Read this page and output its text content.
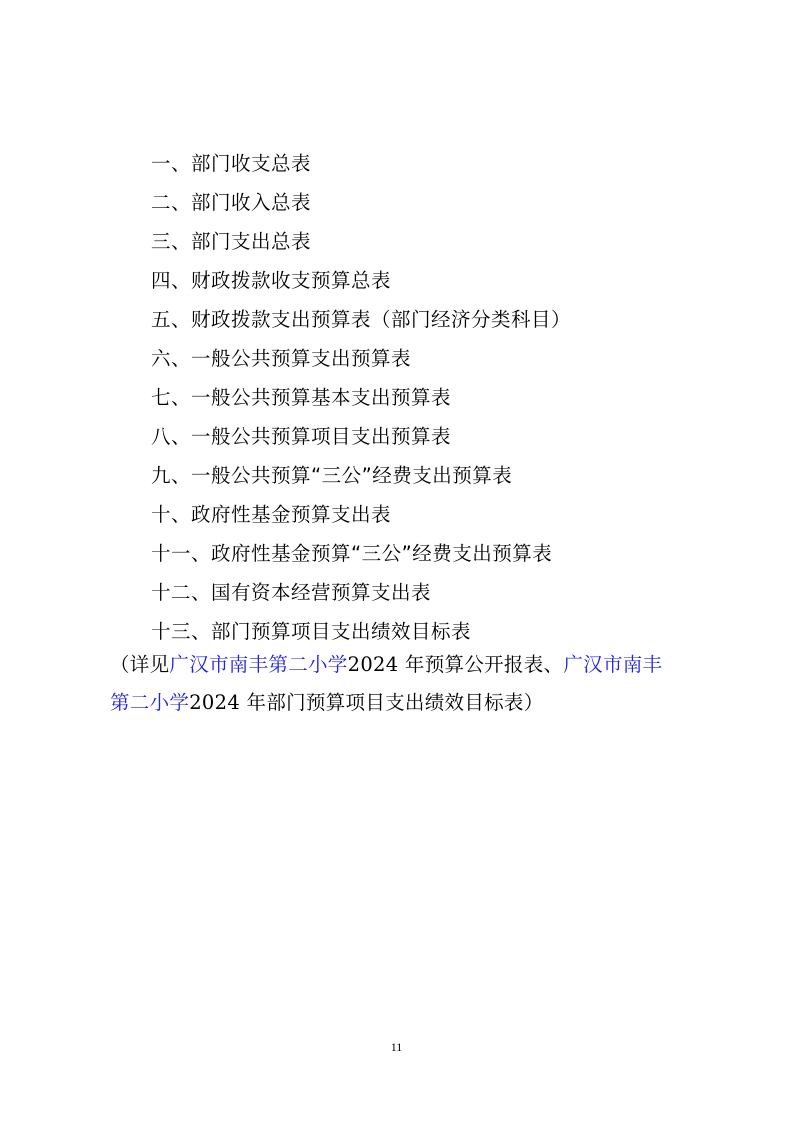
一、部门收支总表
二、部门收入总表
三、部门支出总表
四、财政拨款收支预算总表
五、财政拨款支出预算表（部门经济分类科目）
六、一般公共预算支出预算表
七、一般公共预算基本支出预算表
八、一般公共预算项目支出预算表
九、一般公共预算“三公”经费支出预算表
十、政府性基金预算支出表
十一、政府性基金预算“三公”经费支出预算表
十二、国有资本经营预算支出表
十三、部门预算项目支出绩效目标表
（详见广汉市南丰第二小学2024 年预算公开报表、广汉市南丰
第二小学2024 年部门预算项目支出绩效目标表）
11
